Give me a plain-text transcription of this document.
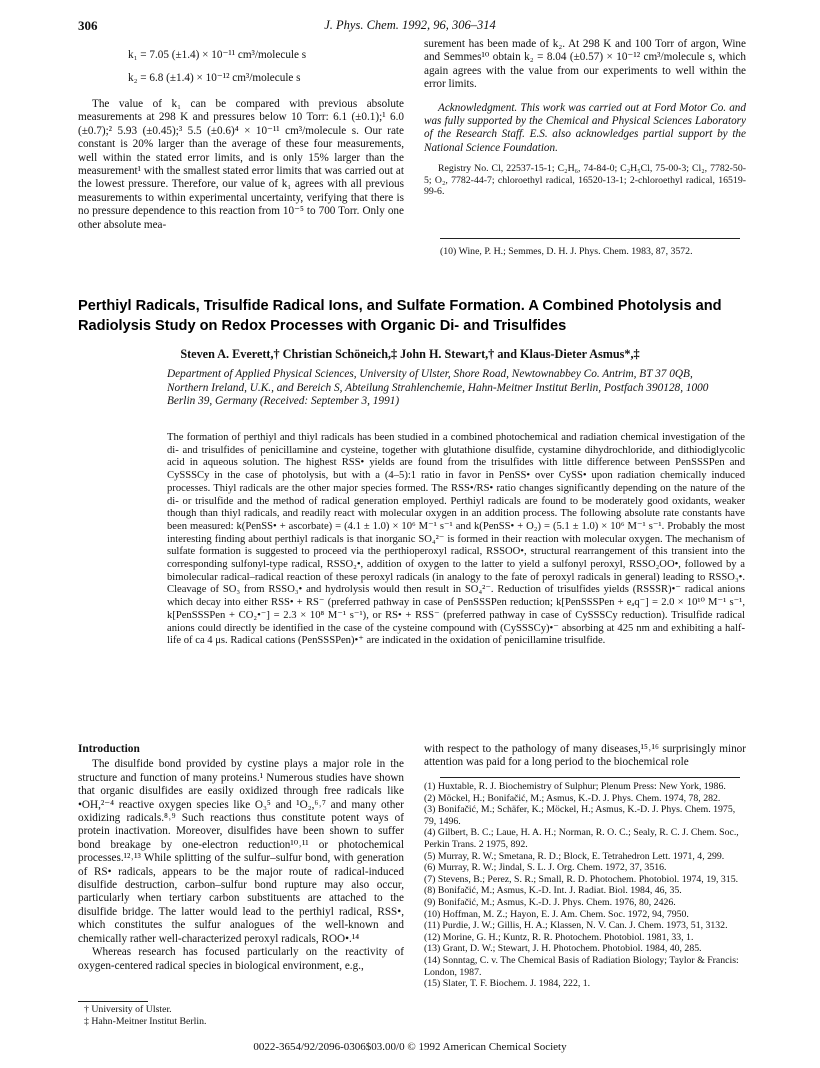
306	J. Phys. Chem. 1992, 96, 306–314
k₁ = 7.05 (±1.4) × 10⁻¹¹ cm³/molecule s
k₂ = 6.8 (±1.4) × 10⁻¹² cm³/molecule s

The value of k₁ can be compared with previous absolute measurements at 298 K and pressures below 10 Torr: 6.1 (±0.1);¹ 6.0 (±0.7);² 5.93 (±0.45);³ 5.5 (±0.6)⁴ × 10⁻¹¹ cm³/molecule s. Our rate constant is 20% larger than the average of these four measurements, well within the stated error limits, and is only 15% larger than the measurement¹ with the smallest stated error limits that was carried out at the lowest pressure. Therefore, our value of k₁ agrees with all previous measurements to within experimental uncertainty, verifying that there is no pressure dependence to this reaction from 10⁻⁵ to 700 Torr. Only one other absolute mea-

surement has been made of k₂. At 298 K and 100 Torr of argon, Wine and Semmes¹⁰ obtain k₂ = 8.04 (±0.57) × 10⁻¹² cm³/molecule s, which again agrees with the value from our experiments to well within the error limits.

Acknowledgment. This work was carried out at Ford Motor Co. and was fully supported by the Chemical and Physical Sciences Laboratory of the Research Staff. E.S. also acknowledges partial support by the National Science Foundation.

Registry No. Cl, 22537-15-1; C₂H₆, 74-84-0; C₂H₅Cl, 75-00-3; Cl₂, 7782-50-5; O₂, 7782-44-7; chloroethyl radical, 16520-13-1; 2-chloroethyl radical, 16519-99-6.

(10) Wine, P. H.; Semmes, D. H. J. Phys. Chem. 1983, 87, 3572.
Perthiyl Radicals, Trisulfide Radical Ions, and Sulfate Formation. A Combined Photolysis and Radiolysis Study on Redox Processes with Organic Di- and Trisulfides
Steven A. Everett,† Christian Schöneich,‡ John H. Stewart,† and Klaus-Dieter Asmus*,‡
Department of Applied Physical Sciences, University of Ulster, Shore Road, Newtownabbey Co. Antrim, BT 37 0QB, Northern Ireland, U.K., and Bereich S, Abteilung Strahlenchemie, Hahn-Meitner Institut Berlin, Postfach 390128, 1000 Berlin 39, Germany (Received: September 3, 1991)
The formation of perthiyl and thiyl radicals has been studied in a combined photochemical and radiation chemical investigation of the di- and trisulfides of penicillamine and cysteine, together with glutathione disulfide, cystamine dihydrochloride, and dithiodiglycolic acid in aqueous solution. The highest RSS• yields are found from the trisulfides with little difference between PenSSSPen and CySSSCy in the case of photolysis, but with a (4–5):1 ratio in favor in PenSS• over CySS• upon radiation chemically induced processes. Thiyl radicals are the other major species formed. The RSS•/RS• ratio changes significantly depending on the nature of the di- or trisulfide and the method of radical generation employed. Perthiyl radicals are found to be moderately good oxidants, weaker though than thiyl radicals, and readily react with molecular oxygen in an addition process. The following absolute rate constants have been measured: k(PenSS• + ascorbate) = (4.1 ± 1.0) × 10⁶ M⁻¹ s⁻¹ and k(PenSS• + O₂) = (5.1 ± 1.0) × 10⁶ M⁻¹ s⁻¹. Probably the most interesting finding about perthiyl radicals is that inorganic SO₄²⁻ is formed in their reaction with molecular oxygen. The mechanism of sulfate formation is suggested to proceed via the perthioperoxyl radical, RSSOO•, structural rearrangement of this transient into the corresponding sulfonyl-type radical, RSSO₂•, addition of oxygen to the latter to yield a sulfonyl peroxyl, RSSO₂OO•, followed by a bimolecular radical–radical reaction of these peroxyl radicals (in analogy to the fate of peroxyl radicals in general) leading to RSSO₃•. Cleavage of SO₃ from RSSO₃• and hydrolysis would then result in SO₄²⁻. Reduction of trisulfides yields (RSSSR)•⁻ radical anions which decay into either RSS• + RS⁻ (preferred pathway in case of PenSSSPen reduction; k[PenSSSPen + eₐq⁻] = 2.0 × 10¹⁰ M⁻¹ s⁻¹, k[PenSSSPen + CO₂•⁻] = 2.3 × 10⁸ M⁻¹ s⁻¹), or RS• + RSS⁻ (preferred pathway in case of CySSSCy reduction). Trisulfide radical anions could directly be identified in the case of the cysteine compound with (CySSSCy)•⁻ absorbing at 425 nm and exhibiting a half-life of ca 4 μs. Radical cations (PenSSSPen)•⁺ are indicated in the oxidation of penicillamine trisulfide.
Introduction

The disulfide bond provided by cystine plays a major role in the structure and function of many proteins.¹ Numerous studies have shown that organic disulfides are easily oxidized through free radicals like •OH,²⁻⁴ reactive oxygen species like O₃⁵ and ¹O₂,⁶˒⁷ and many other oxidizing radicals.⁸˒⁹ Such reactions thus constitute potent ways of protein inactivation. Moreover, disulfides have been shown to suffer bond breakage by one-electron reduction¹⁰˒¹¹ or photochemical processes.¹²˒¹³ While splitting of the sulfur–sulfur bond, with generation of RS• radicals, appears to be the major route of radical-induced disulfide destruction, carbon–sulfur bond rupture may also occur, particularly when tertiary carbon substituents are attached to the disulfide bridge. The latter would lead to the perthiyl radical, RSS•, which constitutes the sulfur analogues of the well-known and chemically rather well-characterized peroxyl radicals, ROO•.¹⁴

Whereas research has focused particularly on the reactivity of oxygen-centered radical species in biological environment, e.g.,

† University of Ulster.
‡ Hahn-Meitner Institut Berlin.

with respect to the pathology of many diseases,¹⁵˒¹⁶ surprisingly minor attention was paid for a long period to the biochemical role

(1) Huxtable, R. J. Biochemistry of Sulphur; Plenum Press: New York, 1986.
(2) Möckel, H.; Bonifačić, M.; Asmus, K.-D. J. Phys. Chem. 1974, 78, 282.
(3) Bonifačić, M.; Schäfer, K.; Möckel, H.; Asmus, K.-D. J. Phys. Chem. 1975, 79, 1496.
(4) Gilbert, B. C.; Laue, H. A. H.; Norman, R. O. C.; Sealy, R. C. J. Chem. Soc., Perkin Trans. 2 1975, 892.
(5) Murray, R. W.; Smetana, R. D.; Block, E. Tetrahedron Lett. 1971, 4, 299.
(6) Murray, R. W.; Jindal, S. L. J. Org. Chem. 1972, 37, 3516.
(7) Stevens, B.; Perez, S. R.; Small, R. D. Photochem. Photobiol. 1974, 19, 315.
(8) Bonifačić, M.; Asmus, K.-D. Int. J. Radiat. Biol. 1984, 46, 35.
(9) Bonifačić, M.; Asmus, K.-D. J. Phys. Chem. 1976, 80, 2426.
(10) Hoffman, M. Z.; Hayon, E. J. Am. Chem. Soc. 1972, 94, 7950.
(11) Purdie, J. W.; Gillis, H. A.; Klassen, N. V. Can. J. Chem. 1973, 51, 3132.
(12) Morine, G. H.; Kuntz, R. R. Photochem. Photobiol. 1981, 33, 1.
(13) Grant, D. W.; Stewart, J. H. Photochem. Photobiol. 1984, 40, 285.
(14) Sonntag, C. v. The Chemical Basis of Radiation Biology; Taylor & Francis: London, 1987.
(15) Slater, T. F. Biochem. J. 1984, 222, 1.
0022-3654/92/2096-0306$03.00/0 © 1992 American Chemical Society
